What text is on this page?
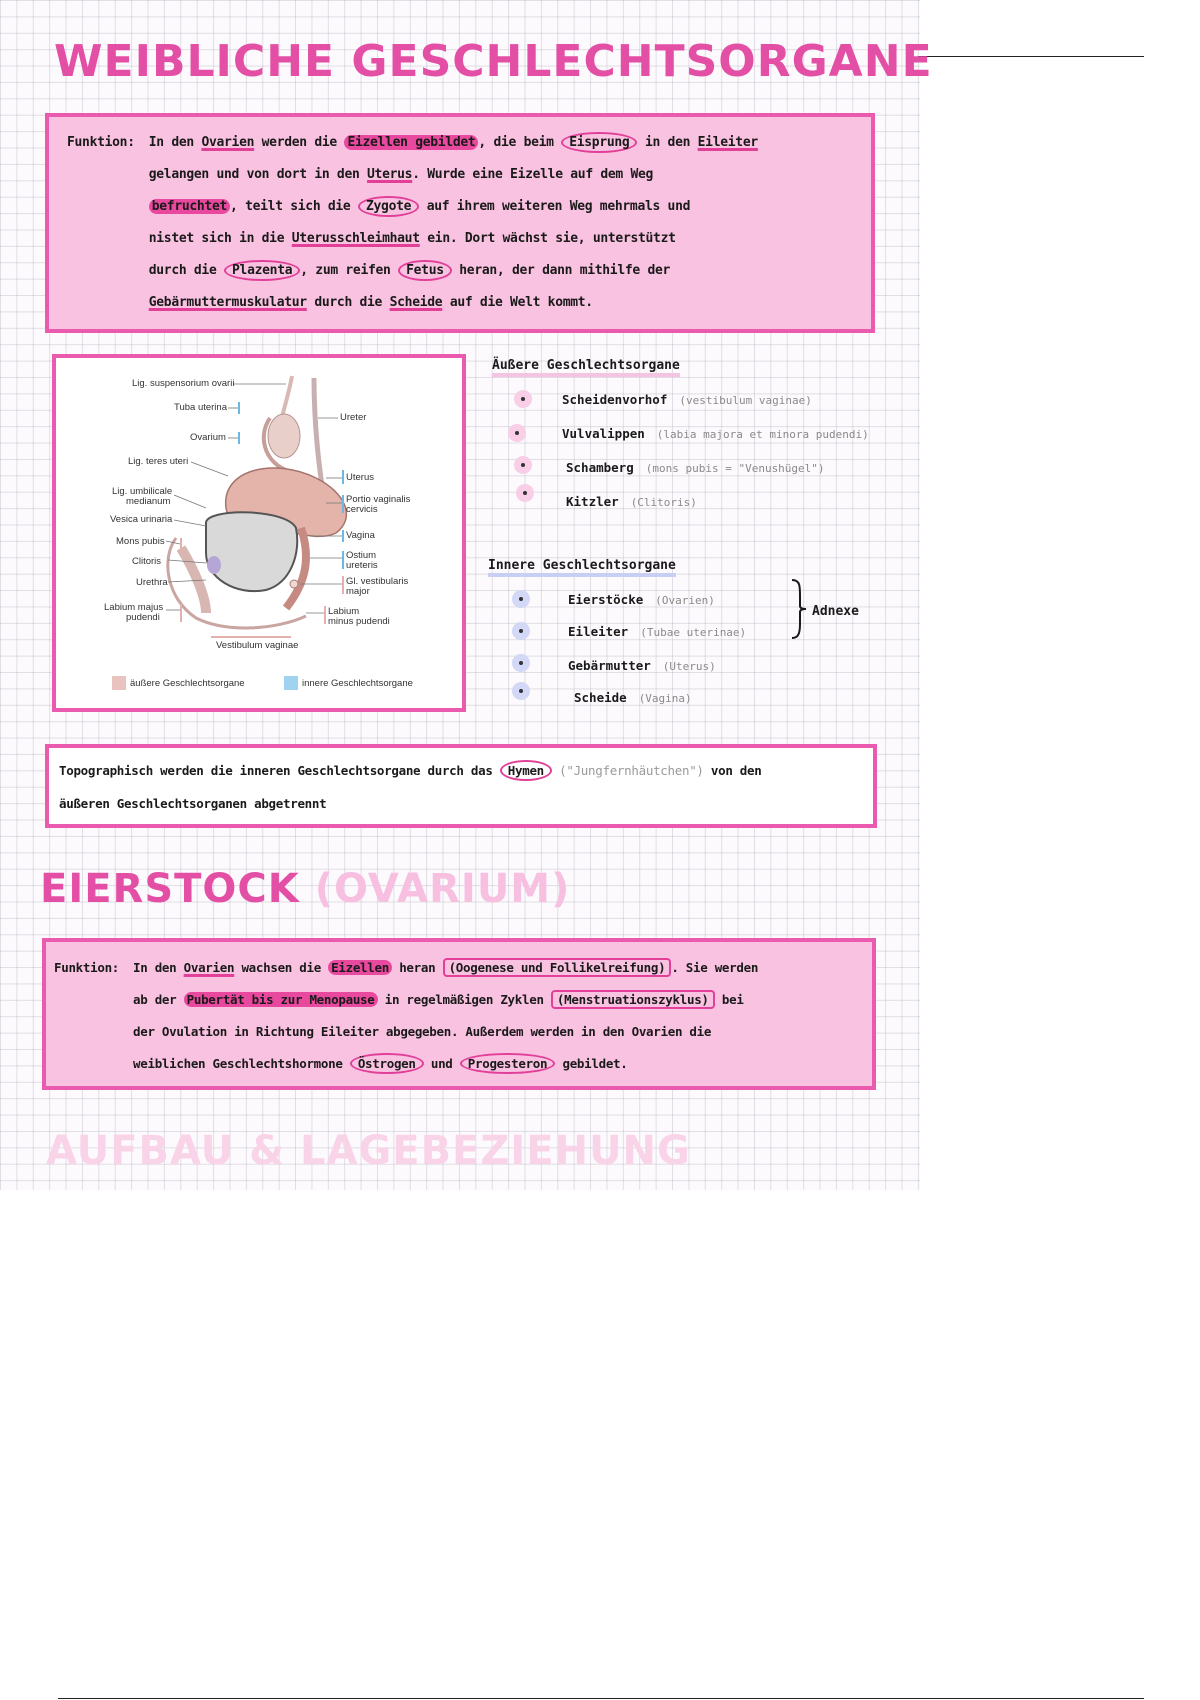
WEIBLICHE GESCHLECHTSORGANE
Funktion: In den Ovarien werden die Eizellen gebildet , die beim Eisprung in den Eileiter
gelangen und von dort in den Uterus. Wurde eine Eizelle auf dem Weg
befruchtet , teilt sich die Zygote auf ihrem weiteren Weg mehrmals und
nistet sich in die Uterusschleimhaut ein. Dort wächst sie, unterstützt
durch die Plazenta , zum reifen Fetus heran, der dann mithilfe der
Gebärmuttermuskulatur durch die Scheide auf die Welt kommt.
Lig. suspensorium ovarii
Tuba uterina
Ovarium
Lig. teres uteri
Lig. umbilicale
medianum
Vesica urinaria
Mons pubis
Clitoris
Urethra
Labium majus
pudendi
Ureter
Uterus
Portio vaginalis
cervicis
Vagina
Ostium
ureteris
Gl. vestibularis
major
Labium
minus pudendi
Vestibulum vaginae
äußere Geschlechtsorgane	innere Geschlechtsorgane
Äußere Geschlechtsorgane
Scheidenvorhof (vestibulum vaginae)
Vulvalippen (labia majora et minora pudendi)
Schamberg (mons pubis = "Venushügel")
Kitzler (Clitoris)
Innere Geschlechtsorgane
Eierstöcke (Ovarien)
Eileiter (Tubae uterinae)
Gebärmutter (Uterus)
Scheide (Vagina)
Adnexe
Topographisch werden die inneren Geschlechtsorgane durch das Hymen ("Jungfernhäutchen") von den
äußeren Geschlechtsorganen abgetrennt
EIERSTOCK (OVARIUM)
Funktion: In den Ovarien wachsen die Eizellen heran (Oogenese und Follikelreifung) . Sie werden
ab der Pubertät bis zur Menopause in regelmäßigen Zyklen (Menstruationszyklus) bei
der Ovulation in Richtung Eileiter abgegeben. Außerdem werden in den Ovarien die
weiblichen Geschlechtshormone Östrogen und Progesteron gebildet.
AUFBAU & LAGEBEZIEHUNG
